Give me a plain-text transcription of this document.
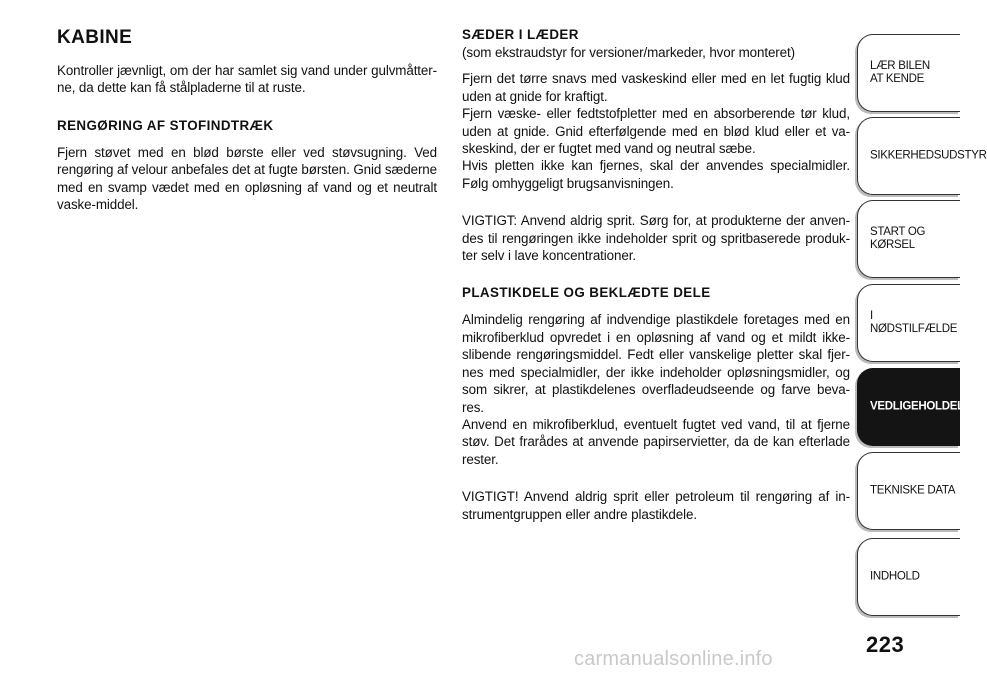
KABINE
Kontroller jævnligt, om der har samlet sig vand under gulvmåtter-ne, da dette kan få stålpladerne til at ruste.
RENGØRING AF STOFINDTRÆK
Fjern støvet med en blød børste eller ved støvsugning. Ved rengøring af velour anbefales det at fugte børsten. Gnid sæderne med en svamp vædet med en opløsning af vand og et neutralt vaske-middel.
SÆDER I LÆDER
(som ekstraudstyr for versioner/markeder, hvor monteret)
Fjern det tørre snavs med vaskeskind eller med en let fugtig klud uden at gnide for kraftigt.
Fjern væske- eller fedtstofpletter med en absorberende tør klud, uden at gnide. Gnid efterfølgende med en blød klud eller et va-skeskind, der er fugtet med vand og neutral sæbe.
Hvis pletten ikke kan fjernes, skal der anvendes specialmidler. Følg omhyggeligt brugsanvisningen.
VIGTIGT: Anvend aldrig sprit. Sørg for, at produkterne der anven-des til rengøringen ikke indeholder sprit og spritbaserede produk-ter selv i lave koncentrationer.
PLASTIKDELE OG BEKLÆDTE DELE
Almindelig rengøring af indvendige plastikdele foretages med en mikrofiberklud opvredet i en opløsning af vand og et mildt ikke-slibende rengøringsmiddel. Fedt eller vanskelige pletter skal fjer-nes med specialmidler, der ikke indeholder opløsningsmidler, og som sikrer, at plastikdelenes overfladeudseende og farve beva-res.
Anvend en mikrofiberklud, eventuelt fugtet ved vand, til at fjerne støv. Det frarådes at anvende papirservietter, da de kan efterlade rester.
VIGTIGT! Anvend aldrig sprit eller petroleum til rengøring af in-strumentgruppen eller andre plastikdele.
LÆR BILEN
AT KENDE
SIKKERHEDSUDSTYR
START OG KØRSEL
I NØDSTILFÆLDE
VEDLIGEHOLDELSE
TEKNISKE DATA
INDHOLD
223
carmanualsonline.info
